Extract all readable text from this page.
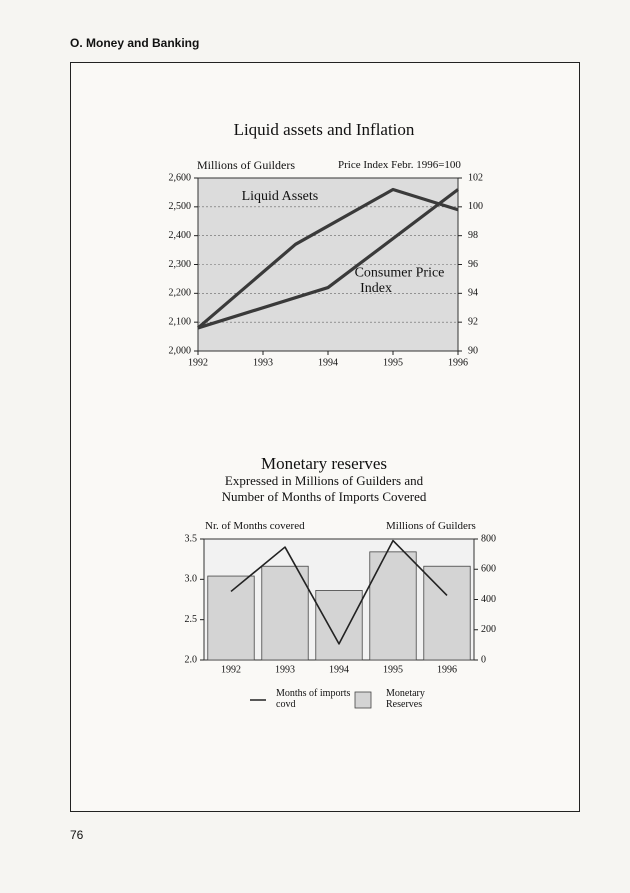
O. Money and Banking
Liquid assets and Inflation
Millions of Guilders	Price Index Febr. 1996=100
Monetary reserves
Expressed in Millions of Guilders and
Number of Months of Imports Covered
Nr. of Months covered	Millions of Guilders
2,000
2,100
2,200
2,300
2,400
2,500
2,600
90
92
94
96
98
100
102
1992	1993	1994	1995	1996
Liquid Assets
Consumer Price
Index
2.0
2.5
3.0
3.5
0
200
400
600
800
1992	1993	1994	1995	1996
Months of imports
covd
Monetary
Reserves
76
